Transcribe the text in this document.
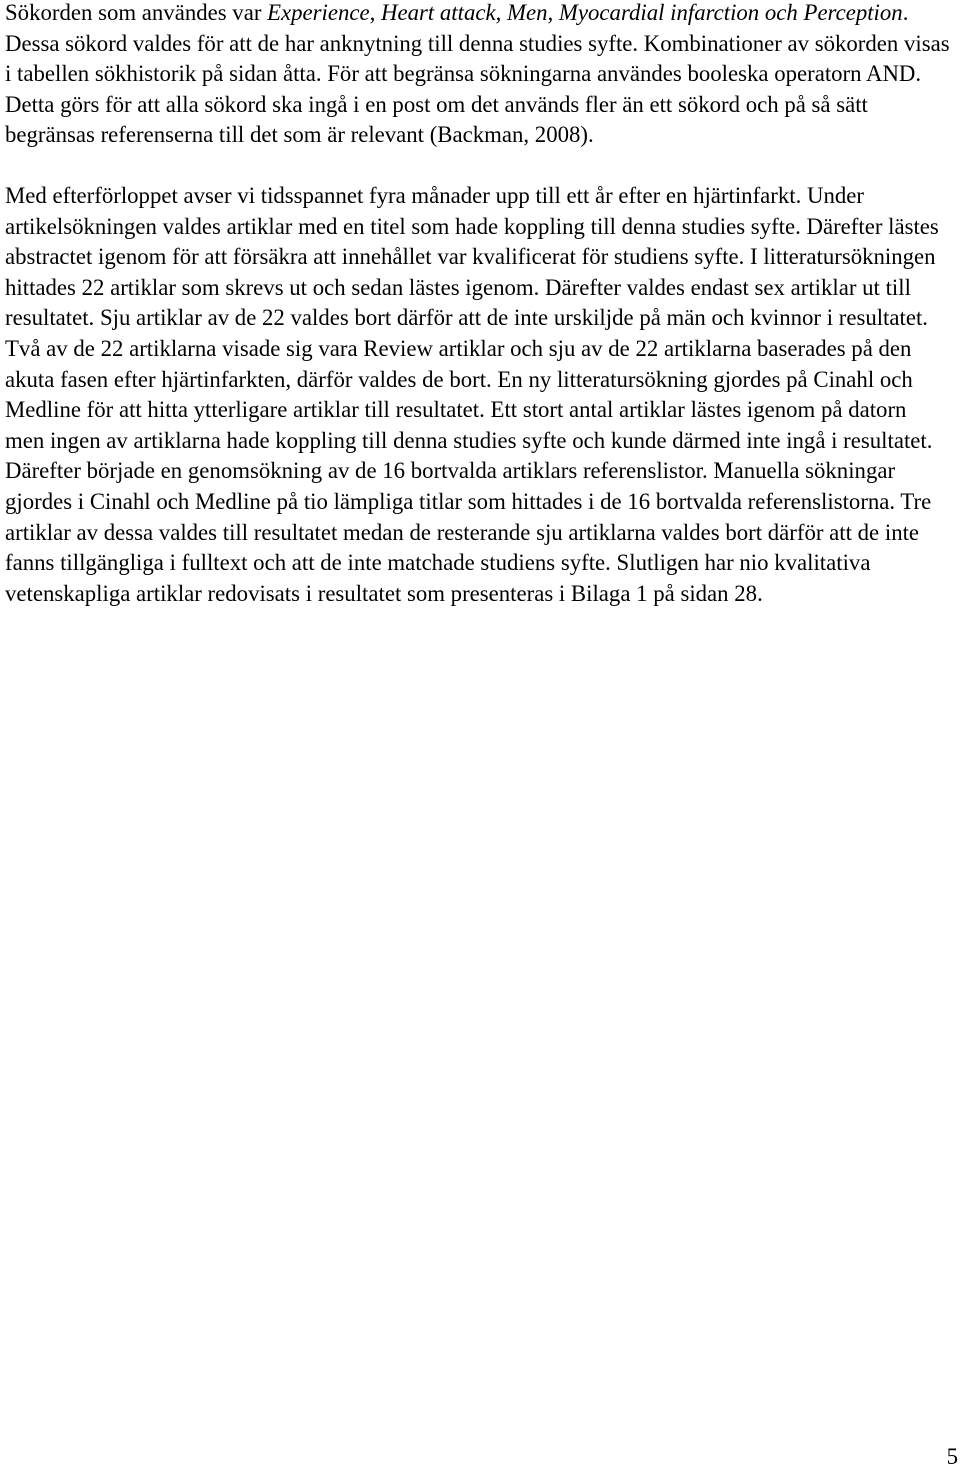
Sökorden som användes var Experience, Heart attack, Men, Myocardial infarction och Perception. Dessa sökord valdes för att de har anknytning till denna studies syfte. Kombinationer av sökorden visas i tabellen sökhistorik på sidan åtta. För att begränsa sökningarna användes booleska operatorn AND. Detta görs för att alla sökord ska ingå i en post om det används fler än ett sökord och på så sätt begränsas referenserna till det som är relevant (Backman, 2008).

Med efterförloppet avser vi tidsspannet fyra månader upp till ett år efter en hjärtinfarkt. Under artikelsökningen valdes artiklar med en titel som hade koppling till denna studies syfte. Därefter lästes abstractet igenom för att försäkra att innehållet var kvalificerat för studiens syfte. I litteratursökningen hittades 22 artiklar som skrevs ut och sedan lästes igenom. Därefter valdes endast sex artiklar ut till resultatet. Sju artiklar av de 22 valdes bort därför att de inte urskiljde på män och kvinnor i resultatet. Två av de 22 artiklarna visade sig vara Review artiklar och sju av de 22 artiklarna baserades på den akuta fasen efter hjärtinfarkten, därför valdes de bort. En ny litteratursökning gjordes på Cinahl och Medline för att hitta ytterligare artiklar till resultatet. Ett stort antal artiklar lästes igenom på datorn men ingen av artiklarna hade koppling till denna studies syfte och kunde därmed inte ingå i resultatet. Därefter började en genomsökning av de 16 bortvalda artiklars referenslistor. Manuella sökningar gjordes i Cinahl och Medline på tio lämpliga titlar som hittades i de 16 bortvalda referenslistorna. Tre artiklar av dessa valdes till resultatet medan de resterande sju artiklarna valdes bort därför att de inte fanns tillgängliga i fulltext och att de inte matchade studiens syfte. Slutligen har nio kvalitativa vetenskapliga artiklar redovisats i resultatet som presenteras i Bilaga 1 på sidan 28.

5
